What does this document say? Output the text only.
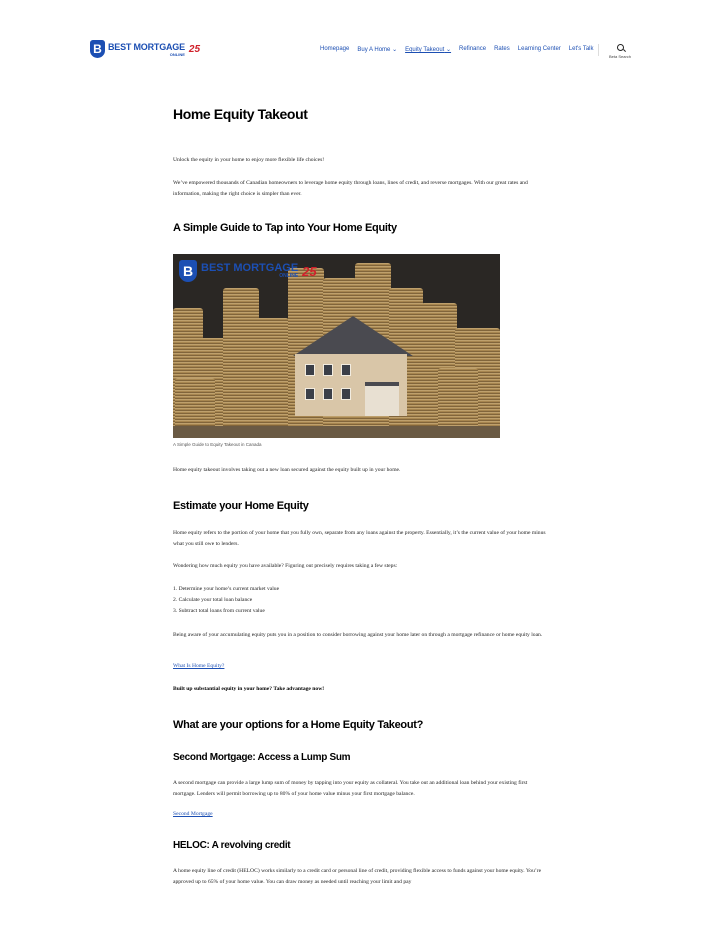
B BEST MORTGAGE
ONLINE 25	Homepage Buy A Home ⌄ Equity Takeout ⌄ Refinance Rates Learning Center Let's Talk
Beta Search
Home Equity Takeout

Unlock the equity in your home to enjoy more flexible life choices!

We’ve empowered thousands of Canadian homeowners to leverage home equity through loans, lines of credit, and reverse mortgages. With our great rates and information, making the right choice is simpler than ever.

A Simple Guide to Tap into Your Home Equity

Home equity takeout involves taking out a new loan secured against the equity built up in your home.

Estimate your Home Equity

Home equity refers to the portion of your home that you fully own, separate from any loans against the property. Essentially, it’s the current value of your home minus what you still owe to lenders.

Wondering how much equity you have available? Figuring out precisely requires taking a few steps:

1. Determine your home’s current market value
2. Calculate your total loan balance
3. Subtract total loans from current value

Being aware of your accumulating equity puts you in a position to consider borrowing against your home later on through a mortgage refinance or home equity loan.

What Is Home Equity?
Built up substantial equity in your home? Take advantage now!
What are your options for a Home Equity Takeout?
Second Mortgage: Access a Lump Sum

A second mortgage can provide a large lump sum of money by tapping into your equity as collateral. You take out an additional loan behind your existing first mortgage. Lenders will permit borrowing up to 80% of your home value minus your first mortgage balance.

Second Mortgage
HELOC: A revolving credit

A home equity line of credit (HELOC) works similarly to a credit card or personal line of credit, providing flexible access to funds against your home equity. You’re approved up to 65% of your home value. You can draw money as needed until reaching your limit and pay

B BEST MORTGAGE
ONLINE 25
A Simple Guide to Equity Takeout in Canada
